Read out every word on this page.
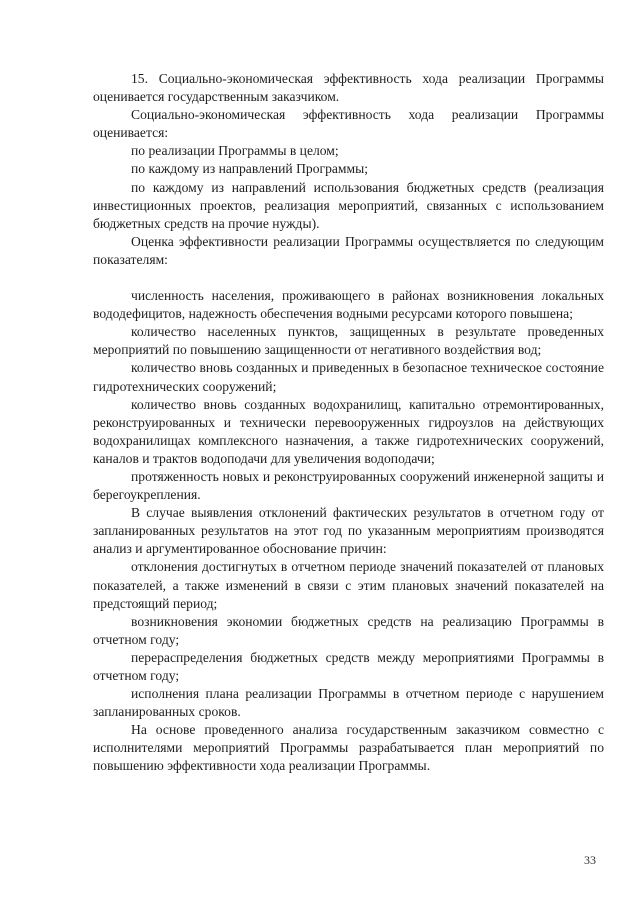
15. Социально-экономическая эффективность хода реализации Программы оценивается государственным заказчиком.

Социально-экономическая эффективность хода реализации Программы оценивается:

по реализации Программы в целом;

по каждому из направлений Программы;

по каждому из направлений использования бюджетных средств (реализация инвестиционных проектов, реализация мероприятий, связанных с использованием бюджетных средств на прочие нужды).

Оценка эффективности реализации Программы осуществляется по следующим показателям:

численность населения, проживающего в районах возникновения локальных вододефицитов, надежность обеспечения водными ресурсами которого повышена;

количество населенных пунктов, защищенных в результате проведенных мероприятий по повышению защищенности от негативного воздействия вод;

количество вновь созданных и приведенных в безопасное техническое состояние гидротехнических сооружений;

количество вновь созданных водохранилищ, капитально отремонтированных, реконструированных и технически перевооруженных гидроузлов на действующих водохранилищах комплексного назначения, а также гидротехнических сооружений, каналов и трактов водоподачи для увеличения водоподачи;

протяженность новых и реконструированных сооружений инженерной защиты и берегоукрепления.

В случае выявления отклонений фактических результатов в отчетном году от запланированных результатов на этот год по указанным мероприятиям производятся анализ и аргументированное обоснование причин:

отклонения достигнутых в отчетном периоде значений показателей от плановых показателей, а также изменений в связи с этим плановых значений показателей на предстоящий период;

возникновения экономии бюджетных средств на реализацию Программы в отчетном году;

перераспределения бюджетных средств между мероприятиями Программы в отчетном году;

исполнения плана реализации Программы в отчетном периоде с нарушением запланированных сроков.

На основе проведенного анализа государственным заказчиком совместно с исполнителями мероприятий Программы разрабатывается план мероприятий по повышению эффективности хода реализации Программы.

33
